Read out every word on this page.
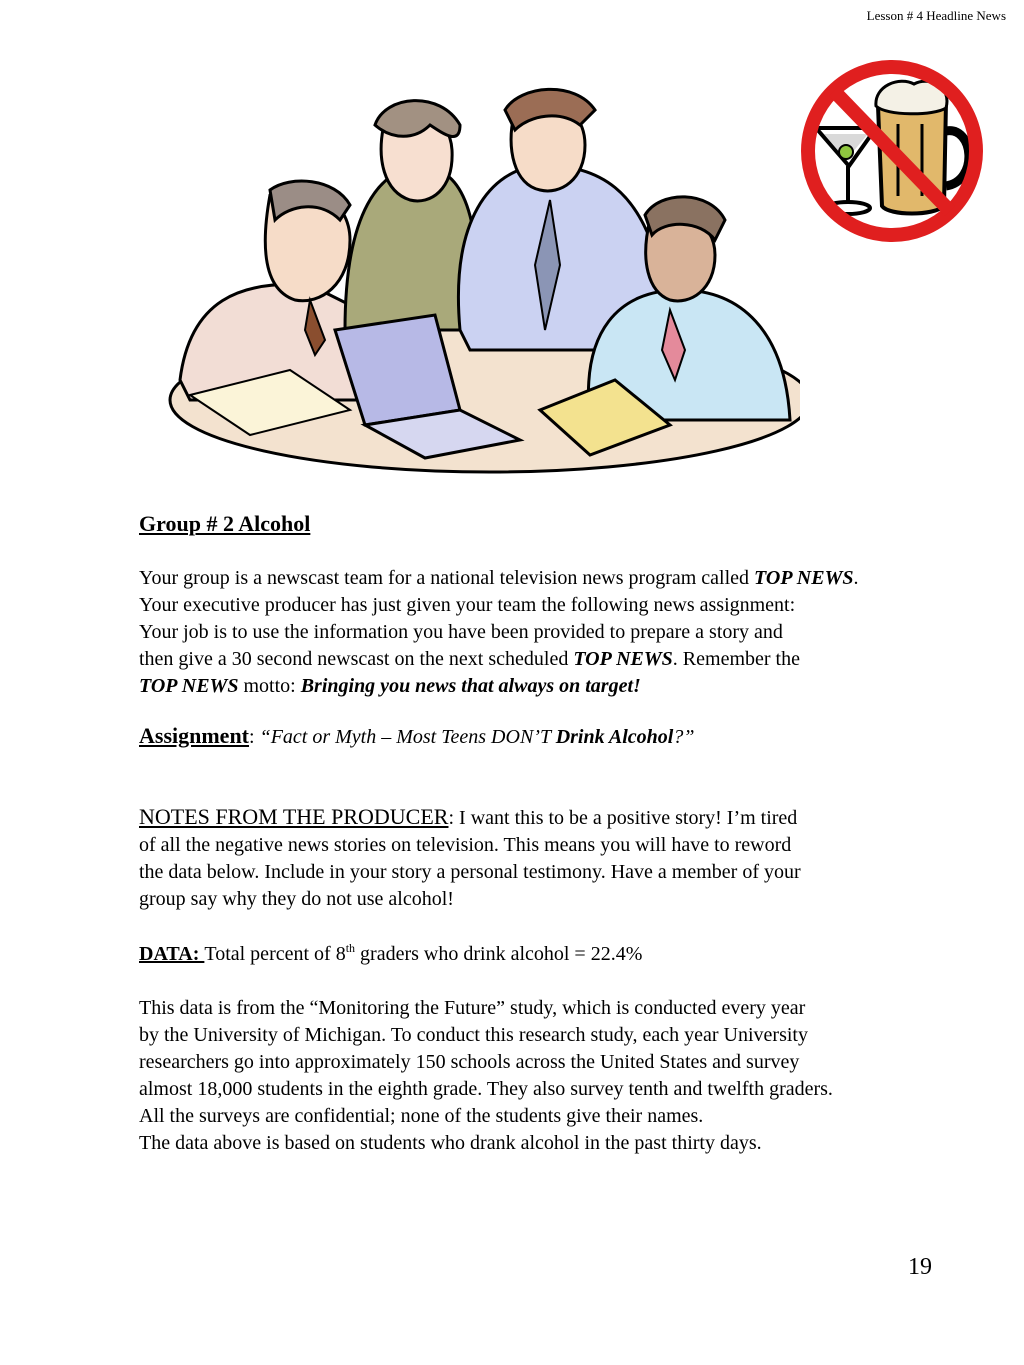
Lesson # 4 Headline News
Group # 2 Alcohol
Your group is a newscast team for a national television news program called TOP NEWS.
Your executive producer has just given your team the following news assignment:
Your job is to use the information you have been provided to prepare a story and
then give a 30 second newscast on the next scheduled TOP NEWS. Remember the
TOP NEWS motto: Bringing you news that always on target!
Assignment: “Fact or Myth – Most Teens DON’T Drink Alcohol?”
NOTES FROM THE PRODUCER: I want this to be a positive story! I’m tired
of all the negative news stories on television. This means you will have to reword
the data below. Include in your story a personal testimony. Have a member of your
group say why they do not use alcohol!
DATA: Total percent of 8th graders who drink alcohol = 22.4%
This data is from the “Monitoring the Future” study, which is conducted every year
by the University of Michigan. To conduct this research study, each year University
researchers go into approximately 150 schools across the United States and survey
almost 18,000 students in the eighth grade. They also survey tenth and twelfth graders.
All the surveys are confidential; none of the students give their names.
The data above is based on students who drank alcohol in the past thirty days.
19
